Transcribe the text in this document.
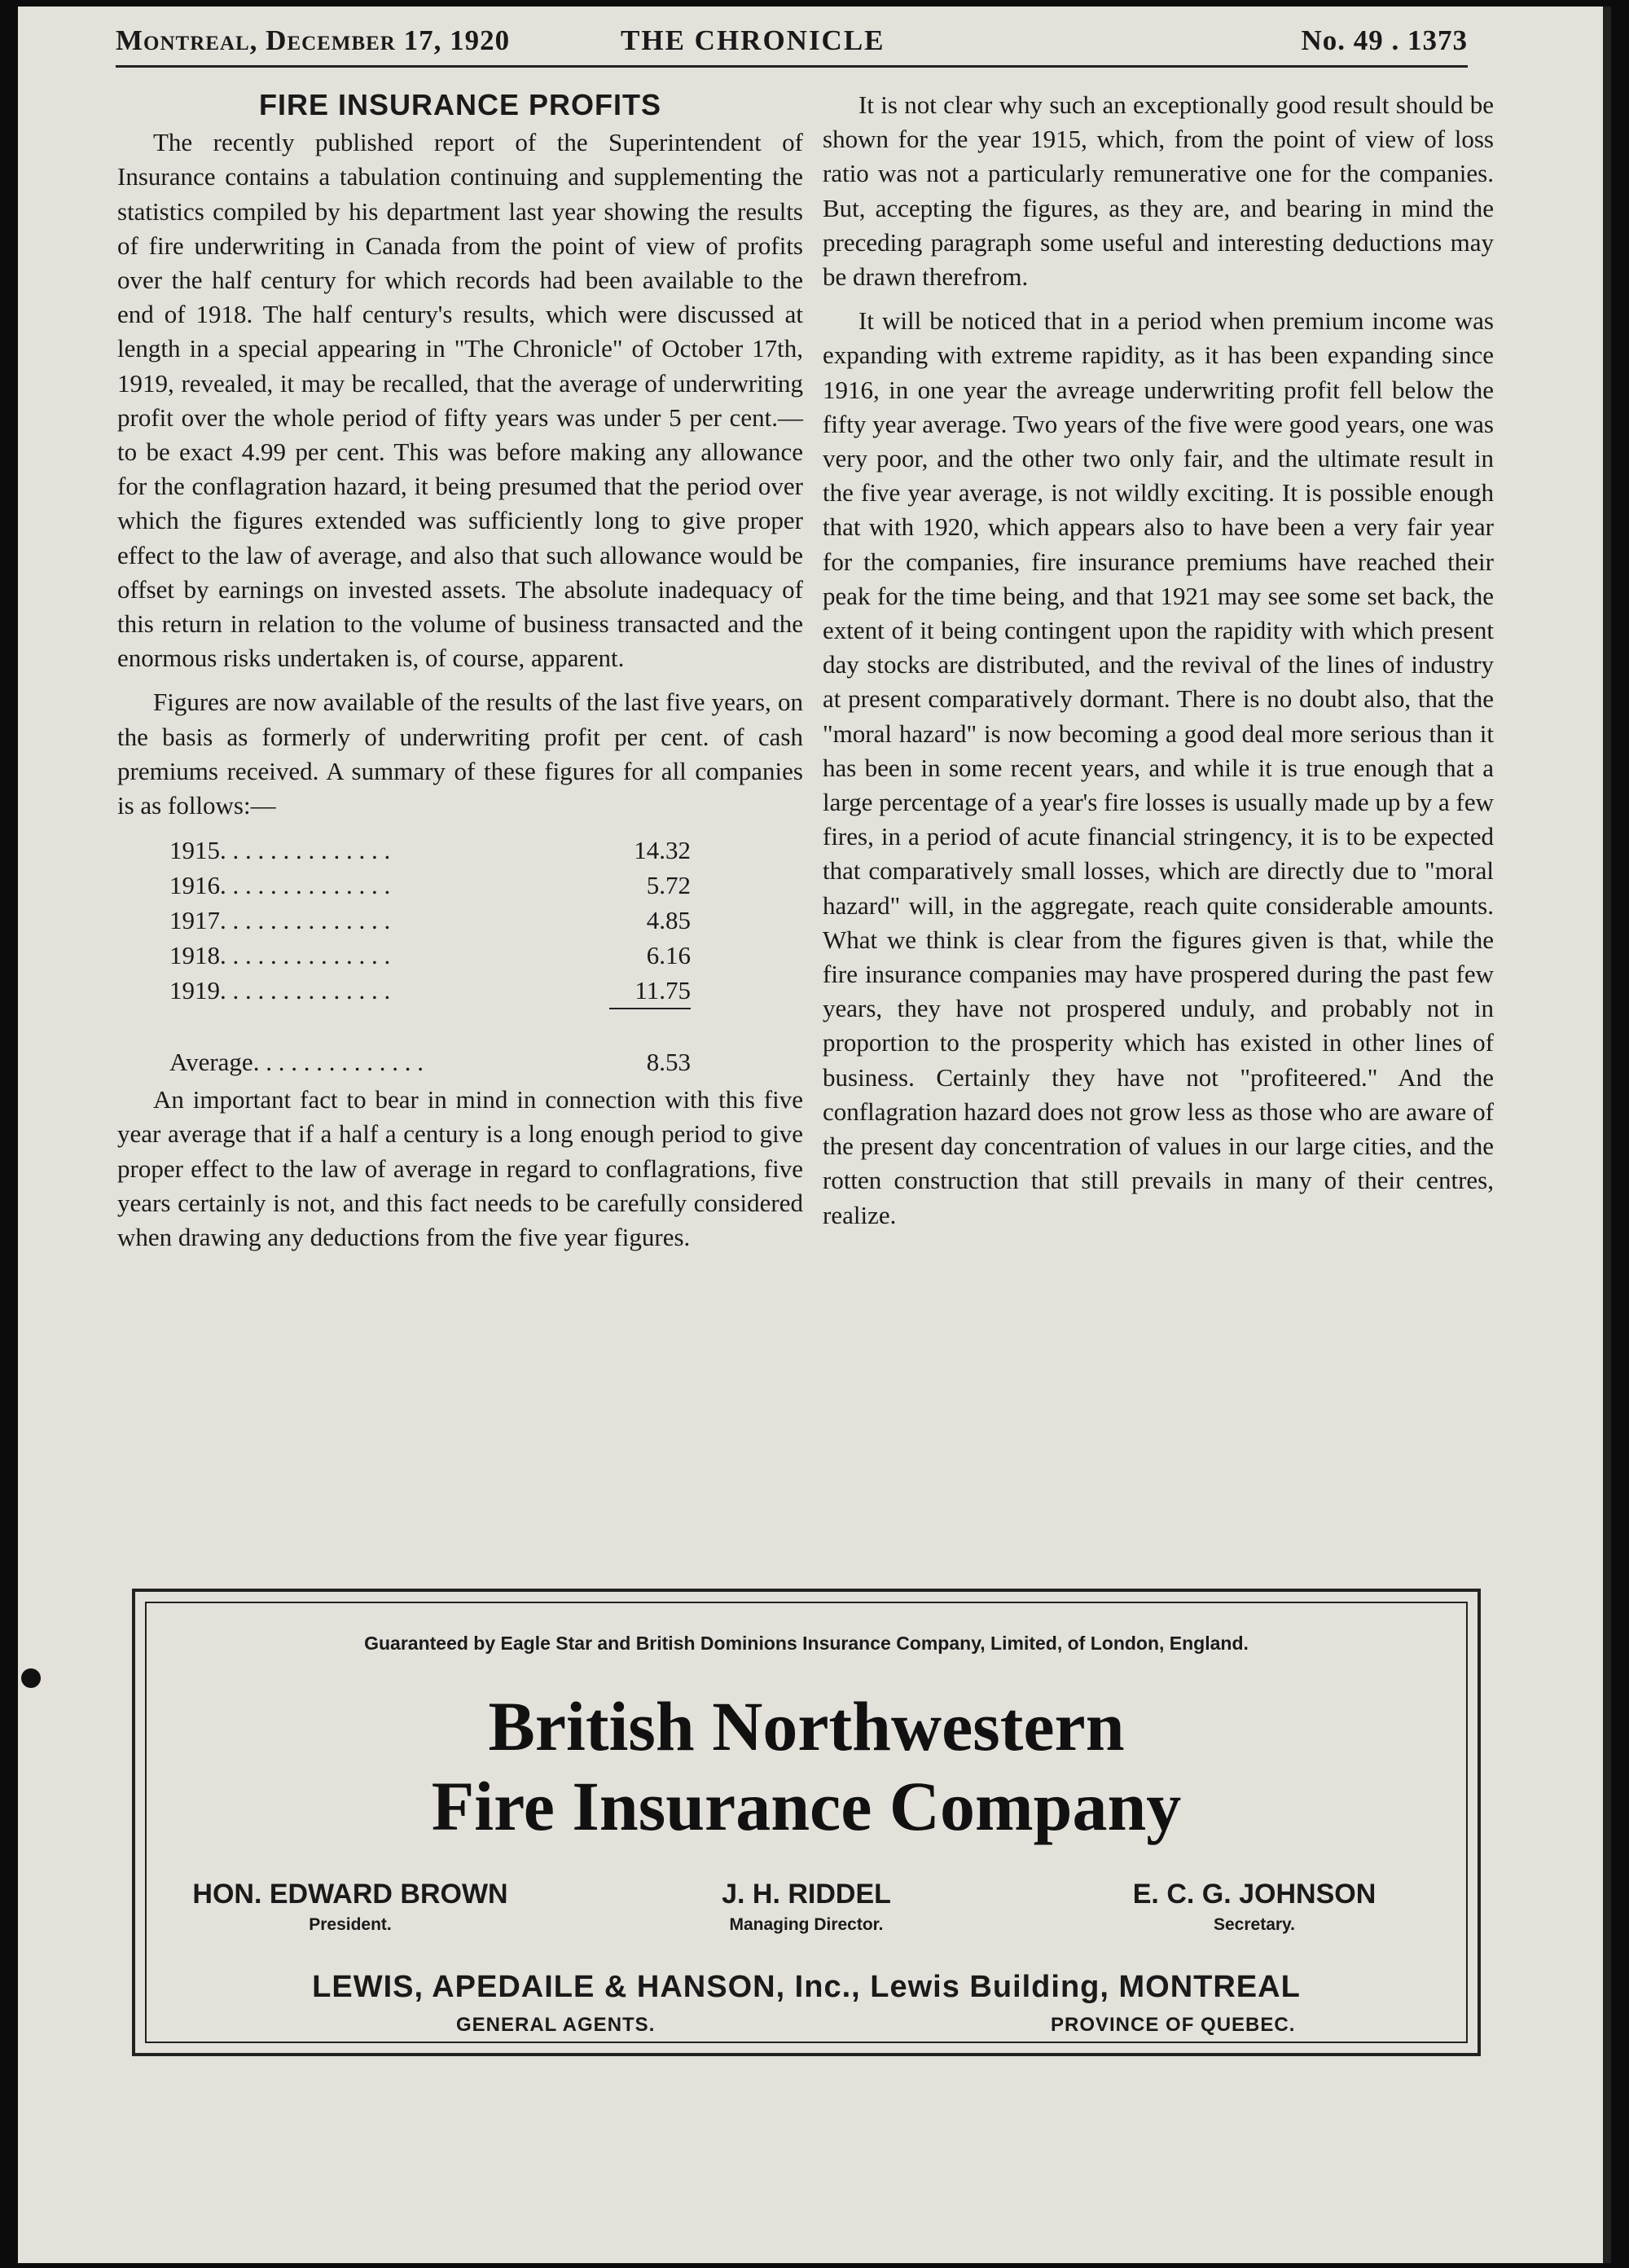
Montreal, December 17, 1920	THE CHRONICLE	No. 49 . 1373
FIRE INSURANCE PROFITS

The recently published report of the Superintendent of Insurance contains a tabulation continuing and supplementing the statistics compiled by his department last year showing the results of fire underwriting in Canada from the point of view of profits over the half century for which records had been available to the end of 1918. The half century's results, which were discussed at length in a special appearing in "The Chronicle" of October 17th, 1919, revealed, it may be recalled, that the average of underwriting profit over the whole period of fifty years was under 5 per cent.— to be exact 4.99 per cent. This was before making any allowance for the conflagration hazard, it being presumed that the period over which the figures extended was sufficiently long to give proper effect to the law of average, and also that such allowance would be offset by earnings on invested assets. The absolute inadequacy of this return in relation to the volume of business transacted and the enormous risks undertaken is, of course, apparent.

Figures are now available of the results of the last five years, on the basis as formerly of underwriting profit per cent. of cash premiums received. A summary of these figures for all companies is as follows:—

1915. . . . . . . . . . . . . .	14.32
1916. . . . . . . . . . . . . .	5.72
1917. . . . . . . . . . . . . .	4.85
1918. . . . . . . . . . . . . .	6.16
1919. . . . . . . . . . . . . .	11.75

Average. . . . . . . . . . . . . .	8.53

An important fact to bear in mind in connection with this five year average that if a half a century is a long enough period to give proper effect to the law of average in regard to conflagrations, five years certainly is not, and this fact needs to be carefully considered when drawing any deductions from the five year figures.

It is not clear why such an exceptionally good result should be shown for the year 1915, which, from the point of view of loss ratio was not a particularly remunerative one for the companies. But, accepting the figures, as they are, and bearing in mind the preceding paragraph some useful and interesting deductions may be drawn therefrom.

It will be noticed that in a period when premium income was expanding with extreme rapidity, as it has been expanding since 1916, in one year the avreage underwriting profit fell below the fifty year average. Two years of the five were good years, one was very poor, and the other two only fair, and the ultimate result in the five year average, is not wildly exciting. It is possible enough that with 1920, which appears also to have been a very fair year for the companies, fire insurance premiums have reached their peak for the time being, and that 1921 may see some set back, the extent of it being contingent upon the rapidity with which present day stocks are distributed, and the revival of the lines of industry at present comparatively dormant. There is no doubt also, that the "moral hazard" is now becoming a good deal more serious than it has been in some recent years, and while it is true enough that a large percentage of a year's fire losses is usually made up by a few fires, in a period of acute financial stringency, it is to be expected that comparatively small losses, which are directly due to "moral hazard" will, in the aggregate, reach quite considerable amounts. What we think is clear from the figures given is that, while the fire insurance companies may have prospered during the past few years, they have not prospered unduly, and probably not in proportion to the prosperity which has existed in other lines of business. Certainly they have not "profiteered." And the conflagration hazard does not grow less as those who are aware of the present day concentration of values in our large cities, and the rotten construction that still prevails in many of their centres, realize.

Guaranteed by Eagle Star and British Dominions Insurance Company, Limited, of London, England.
British Northwestern
Fire Insurance Company
HON. EDWARD BROWN
President.
J. H. RIDDEL
Managing Director.
E. C. G. JOHNSON
Secretary.
LEWIS, APEDAILE & HANSON, Inc., Lewis Building, MONTREAL
GENERAL AGENTS.	PROVINCE OF QUEBEC.
